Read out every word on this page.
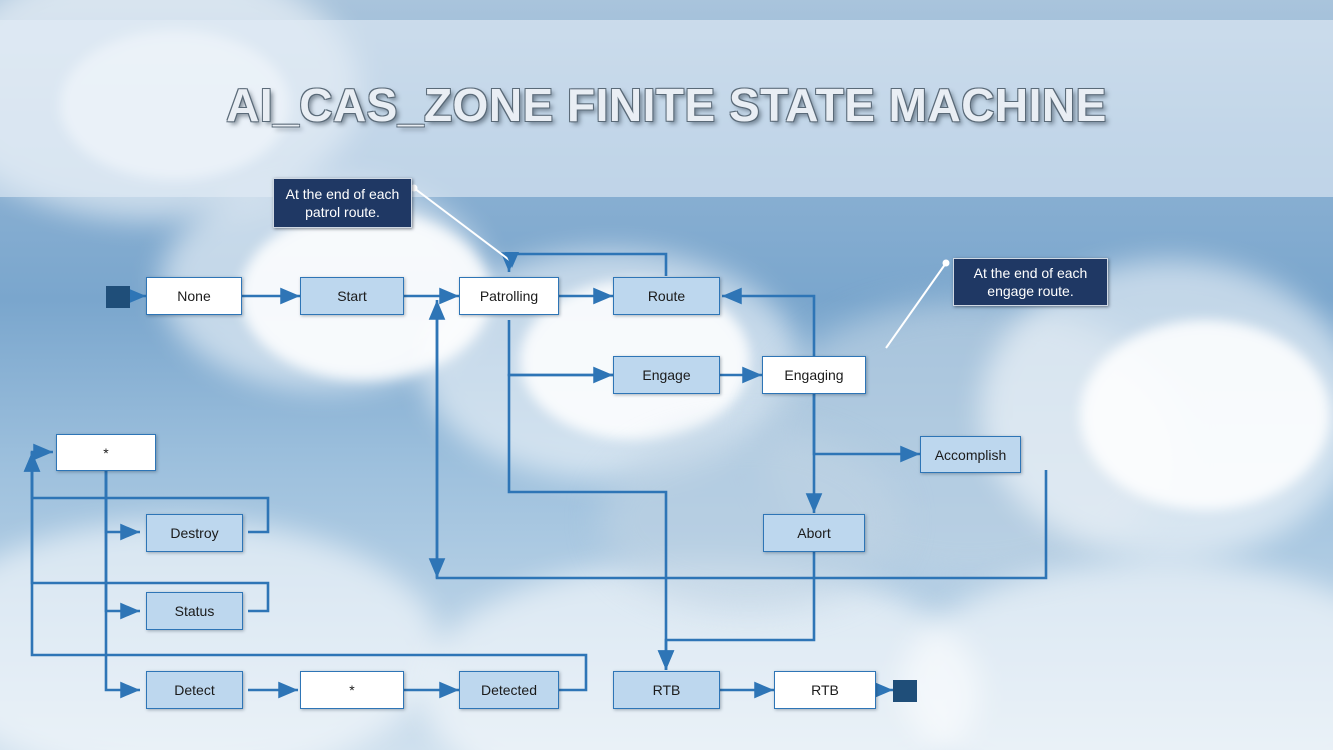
AI_CAS_ZONE FINITE STATE MACHINE
At the end of each patrol route.
At the end of each engage route.
None	Start	Patrolling	Route
Engage	Engaging
Accomplish
Abort
*
Destroy
Status
Detect	*	Detected	RTB	RTB
